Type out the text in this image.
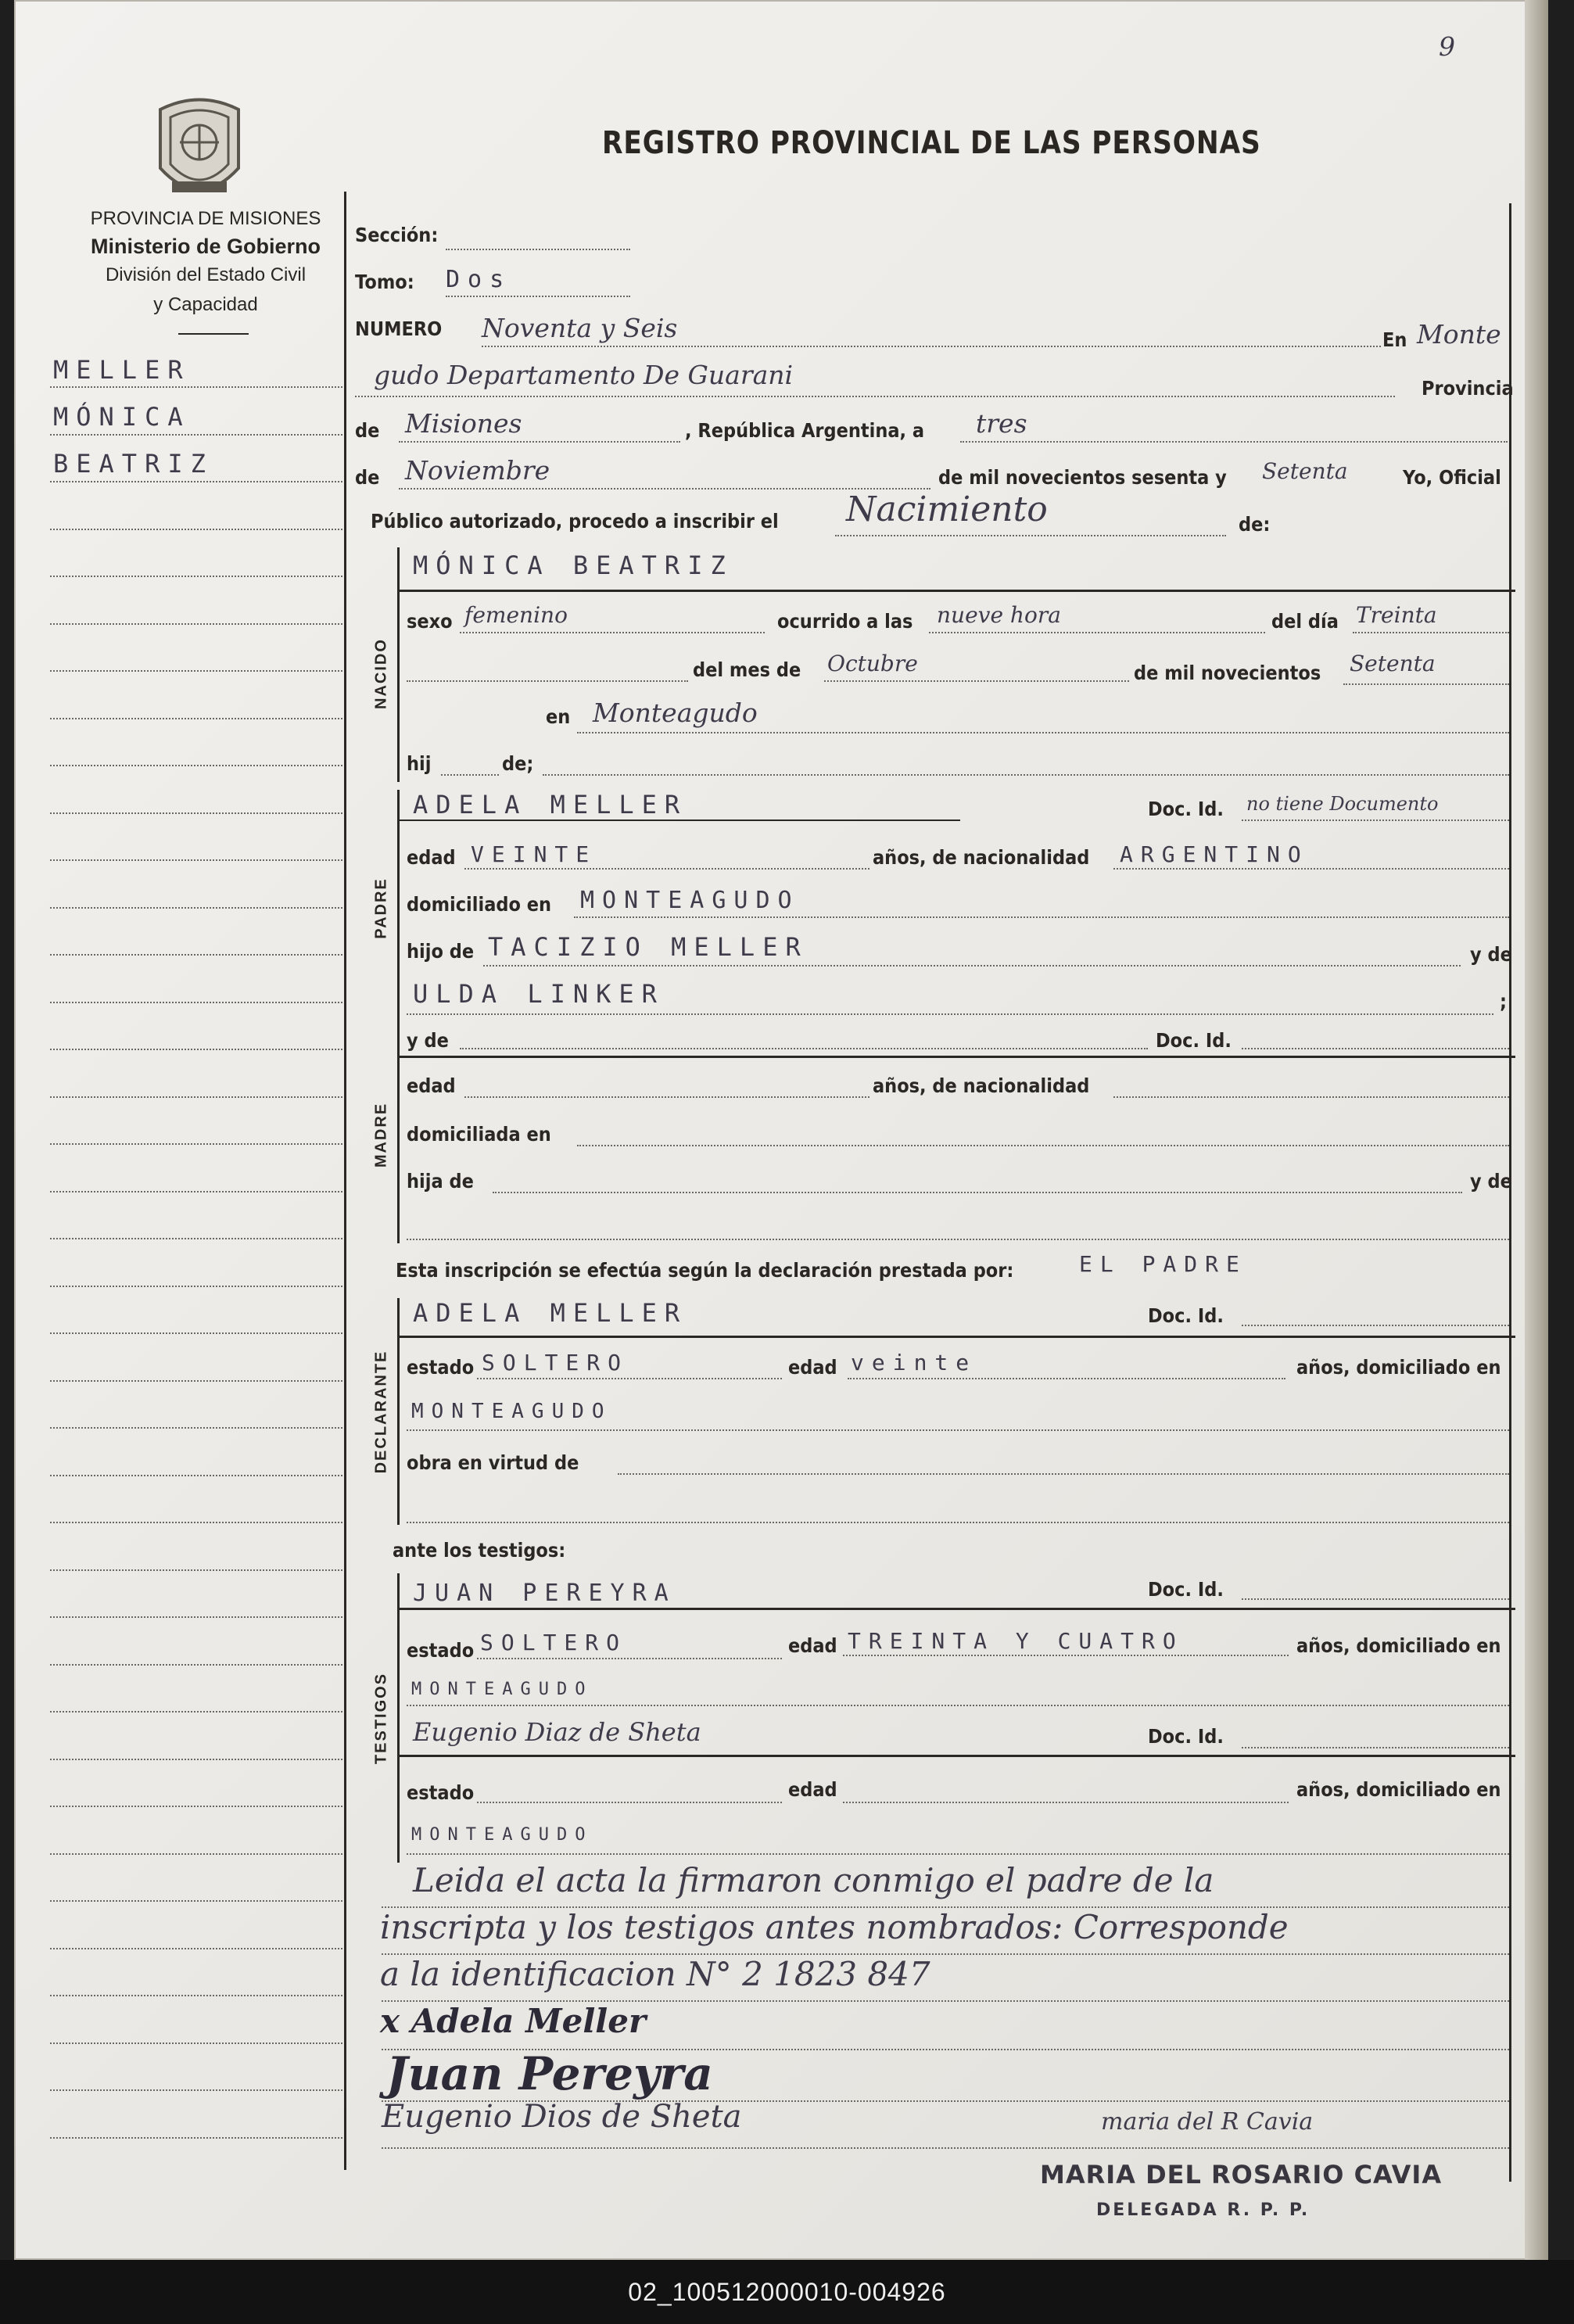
9
REGISTRO PROVINCIAL DE LAS PERSONAS
PROVINCIA DE MISIONES
Ministerio de Gobierno
División del Estado Civil
y Capacidad
MELLER
MÓNICA
BEATRIZ
Sección:
Tomo: Dos
NUMERO Noventa y Seis	En Monte
gudo Departamento De Guarani	Provincia
de Misiones	, República Argentina, a tres
de Noviembre	de mil novecientos sesenta y Setenta	Yo, Oficial
Público autorizado, procedo a inscribir el Nacimiento	de:
NACIDO
MÓNICA BEATRIZ
sexo femenino	ocurrido a las nueve hora	del día Treinta
del mes de Octubre	de mil novecientos Setenta
en Monteagudo
hij	de;
PADRE
ADELA MELLER	Doc. Id. no tiene Documento
edad VEINTE	años, de nacionalidad ARGENTINO
domiciliado en MONTEAGUDO
hijo de TACIZIO MELLER	y de
ULDA LINKER	;
MADRE
y de	Doc. Id.
edad	años, de nacionalidad
domiciliada en
hija de	y de
Esta inscripción se efectúa según la declaración prestada por:	EL PADRE
DECLARANTE
ADELA MELLER	Doc. Id.
estado SOLTERO	edad veinte	años, domiciliado en
MONTEAGUDO
obra en virtud de
ante los testigos:
TESTIGOS
JUAN PEREYRA	Doc. Id.
estado SOLTERO	edad TREINTA Y CUATRO	años, domiciliado en
MONTEAGUDO
Eugenio Diaz de Sheta	Doc. Id.
estado	edad	años, domiciliado en
MONTEAGUDO
Leida el acta la firmaron conmigo el padre de la
inscripta y los testigos antes nombrados: Corresponde
a la identificacion N° 2 1823 847
x Adela Meller
Juan Pereyra
Eugenio Dios de Sheta	maria del R Cavia
MARIA DEL ROSARIO CAVIA
DELEGADA R. P. P.
02_100512000010-004926
